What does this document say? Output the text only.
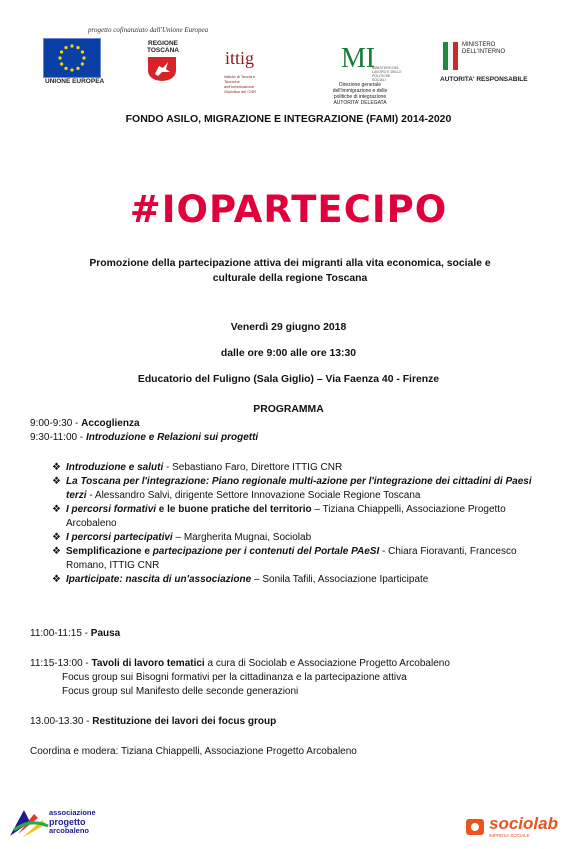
progetto cofinanziato dall'Unione Europea
UNIONE EUROPEA
REGIONE
TOSCANA	ittig
Istituto di Teoria e Tecniche dell'Informazione Giuridica del CNR
M	MINISTERO DEL LAVORO E DELLE POLITICHE SOCIALI
Direzione generale dell'immigrazione e delle politiche di integrazione AUTORITA' DELEGATA
MINISTERO
DELL'INTERNO
AUTORITA' RESPONSABILE
FONDO ASILO, MIGRAZIONE E INTEGRAZIONE (FAMI) 2014-2020
#IOPARTECIPO
Promozione della partecipazione attiva dei migranti alla vita economica, sociale e
culturale della regione Toscana
Venerdì 29 giugno 2018
dalle ore 9:00 alle ore 13:30
Educatorio del Fuligno (Sala Giglio) – Via Faenza 40 - Firenze
PROGRAMMA
9:00-9:30 - Accoglienza
9:30-11:00 - Introduzione e Relazioni sui progetti
❖ Introduzione e saluti - Sebastiano Faro, Direttore ITTIG CNR
❖ La Toscana per l'integrazione: Piano regionale multi-azione per l'integrazione dei cittadini di Paesi terzi - Alessandro Salvi, dirigente Settore Innovazione Sociale Regione Toscana
❖ I percorsi formativi e le buone pratiche del territorio – Tiziana Chiappelli, Associazione Progetto Arcobaleno
❖ I percorsi partecipativi – Margherita Mugnai, Sociolab
❖ Semplificazione e partecipazione per i contenuti del Portale PAeSI - Chiara Fioravanti, Francesco Romano, ITTIG CNR
❖ Iparticipate: nascita di un'associazione – Sonila Tafili, Associazione Iparticipate
11:00-11:15 - Pausa
11:15-13:00 - Tavoli di lavoro tematici a cura di Sociolab e Associazione Progetto Arcobaleno
Focus group sui Bisogni formativi per la cittadinanza e la partecipazione attiva
Focus group sul Manifesto delle seconde generazioni
13.00-13.30 - Restituzione dei lavori dei focus group
Coordina e modera: Tiziana Chiappelli, Associazione Progetto Arcobaleno
associazione
progetto
arcobaleno	sociolab
IMPRESA SOCIALE
